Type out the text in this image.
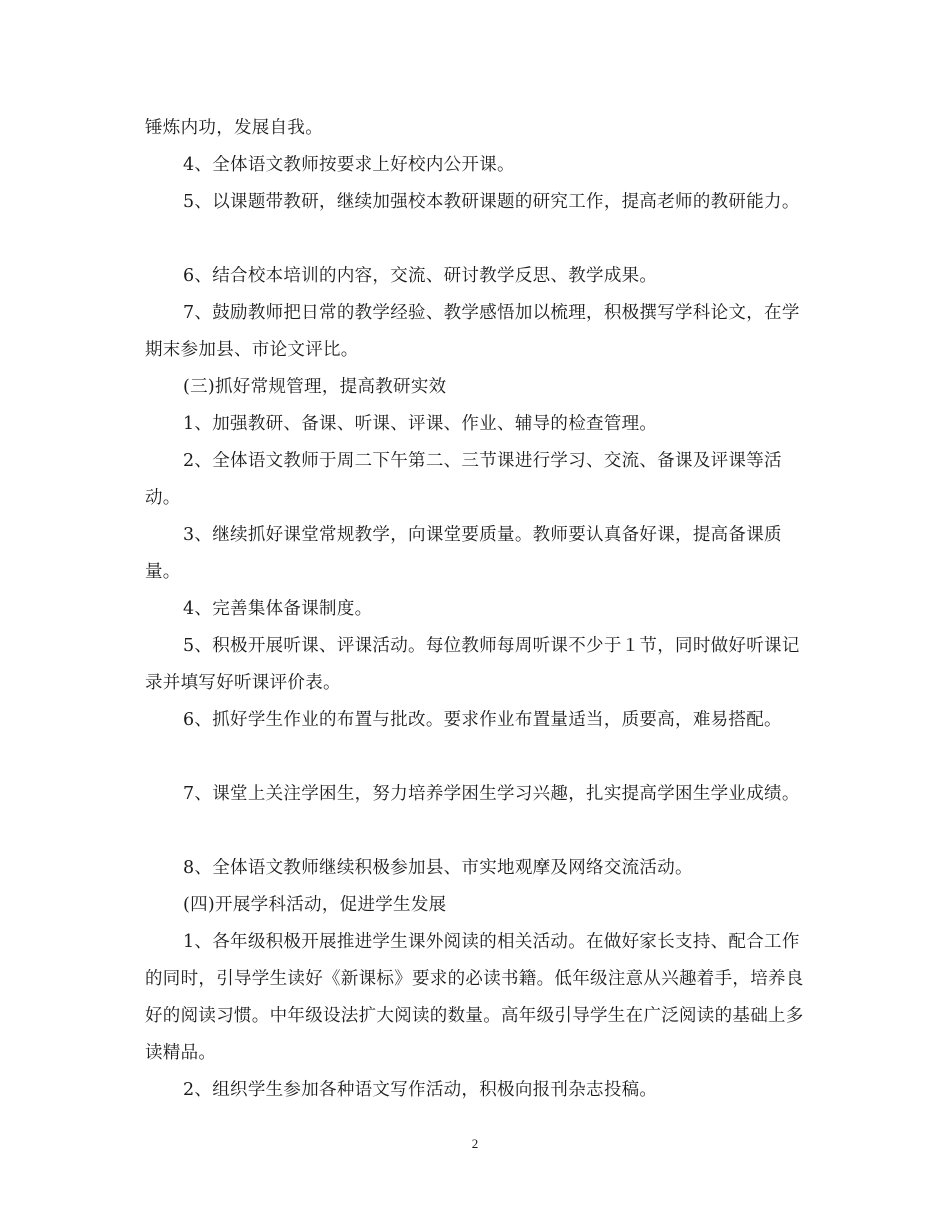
锤炼内功，发展自我。

4、全体语文教师按要求上好校内公开课。

5、以课题带教研，继续加强校本教研课题的研究工作，提高老师的教研能力。

6、结合校本培训的内容，交流、研讨教学反思、教学成果。

7、鼓励教师把日常的教学经验、教学感悟加以梳理，积极撰写学科论文，在学期末参加县、市论文评比。

(三)抓好常规管理，提高教研实效

1、加强教研、备课、听课、评课、作业、辅导的检查管理。

2、全体语文教师于周二下午第二、三节课进行学习、交流、备课及评课等活动。

3、继续抓好课堂常规教学，向课堂要质量。教师要认真备好课，提高备课质量。

4、完善集体备课制度。

5、积极开展听课、评课活动。每位教师每周听课不少于１节，同时做好听课记录并填写好听课评价表。

6、抓好学生作业的布置与批改。要求作业布置量适当，质要高，难易搭配。

7、课堂上关注学困生，努力培养学困生学习兴趣，扎实提高学困生学业成绩。

8、全体语文教师继续积极参加县、市实地观摩及网络交流活动。

(四)开展学科活动，促进学生发展

1、各年级积极开展推进学生课外阅读的相关活动。在做好家长支持、配合工作的同时，引导学生读好《新课标》要求的必读书籍。低年级注意从兴趣着手，培养良好的阅读习惯。中年级设法扩大阅读的数量。高年级引导学生在广泛阅读的基础上多读精品。

2、组织学生参加各种语文写作活动，积极向报刊杂志投稿。

2
